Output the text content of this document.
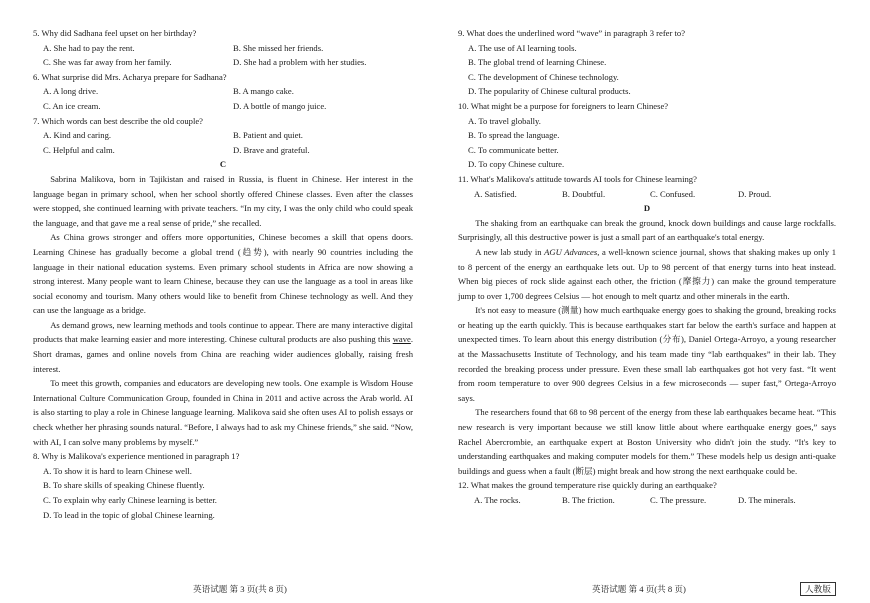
5. Why did Sadhana feel upset on her birthday?

A. She had to pay the rent.	B. She missed her friends.
C. She was far away from her family.	D. She had a problem with her studies.

6. What surprise did Mrs. Acharya prepare for Sadhana?

A. A long drive.	B. A mango cake.
C. An ice cream.	D. A bottle of mango juice.

7. Which words can best describe the old couple?

A. Kind and caring.	B. Patient and quiet.
C. Helpful and calm.	D. Brave and grateful.

C

Sabrina Malikova, born in Tajikistan and raised in Russia, is fluent in Chinese. Her interest in the language began in primary school, when her school shortly offered Chinese classes. Even after the classes were stopped, she continued learning with private teachers. “In my city, I was the only child who could speak the language, and that gave me a real sense of pride,” she recalled.

As China grows stronger and offers more opportunities, Chinese becomes a skill that opens doors. Learning Chinese has gradually become a global trend (趋势), with nearly 90 countries including the language in their national education systems. Even primary school students in Africa are now showing a strong interest. Many people want to learn Chinese, because they can use the language as a tool in areas like social economy and tourism. Many others would like to benefit from Chinese technology as well. And they can use the language as a bridge.

As demand grows, new learning methods and tools continue to appear. There are many interactive digital products that make learning easier and more interesting. Chinese cultural products are also pushing this wave. Short dramas, games and online novels from China are reaching wider audiences globally, raising fresh interest.

To meet this growth, companies and educators are developing new tools. One example is Wisdom House International Culture Communication Group, founded in China in 2011 and active across the Arab world. AI is also starting to play a role in Chinese language learning. Malikova said she often uses AI to polish essays or check whether her phrasing sounds natural. “Before, I always had to ask my Chinese friends,” she said. “Now, with AI, I can solve many problems by myself.”

8. Why is Malikova's experience mentioned in paragraph 1?

A. To show it is hard to learn Chinese well.

B. To share skills of speaking Chinese fluently.

C. To explain why early Chinese learning is better.

D. To lead in the topic of global Chinese learning.

9. What does the underlined word “wave” in paragraph 3 refer to?

A. The use of AI learning tools.

B. The global trend of learning Chinese.

C. The development of Chinese technology.

D. The popularity of Chinese cultural products.

10. What might be a purpose for foreigners to learn Chinese?

A. To travel globally.

B. To spread the language.

C. To communicate better.

D. To copy Chinese culture.

11. What's Malikova's attitude towards AI tools for Chinese learning?

A. Satisfied.	B. Doubtful.	C. Confused.	D. Proud.

D

The shaking from an earthquake can break the ground, knock down buildings and cause large rockfalls. Surprisingly, all this destructive power is just a small part of an earthquake's total energy.

A new lab study in AGU Advances, a well-known science journal, shows that shaking makes up only 1 to 8 percent of the energy an earthquake lets out. Up to 98 percent of that energy turns into heat instead. When big pieces of rock slide against each other, the friction (摩擦力) can make the ground temperature jump to over 1,700 degrees Celsius — hot enough to melt quartz and other minerals in the earth.

It's not easy to measure (测量) how much earthquake energy goes to shaking the ground, breaking rocks or heating up the earth quickly. This is because earthquakes start far below the earth's surface and happen at unexpected times. To learn about this energy distribution (分布), Daniel Ortega-Arroyo, a young researcher at the Massachusetts Institute of Technology, and his team made tiny “lab earthquakes” in their lab. They recorded the breaking process under pressure. Even these small lab earthquakes got hot very fast. “It went from room temperature to over 900 degrees Celsius in a few microseconds — super fast,” Ortega-Arroyo says.

The researchers found that 68 to 98 percent of the energy from these lab earthquakes became heat. “This new research is very important because we still know little about where earthquake energy goes,” says Rachel Abercrombie, an earthquake expert at Boston University who didn't join the study. “It's key to understanding earthquakes and making computer models for them.” These models help us design anti-quake buildings and guess when a fault (断层) might break and how strong the next earthquake could be.

12. What makes the ground temperature rise quickly during an earthquake?

A. The rocks.	B. The friction.	C. The pressure.	D. The minerals.
英语试题 第 3 页(共 8 页)	英语试题 第 4 页(共 8 页)	人教版
